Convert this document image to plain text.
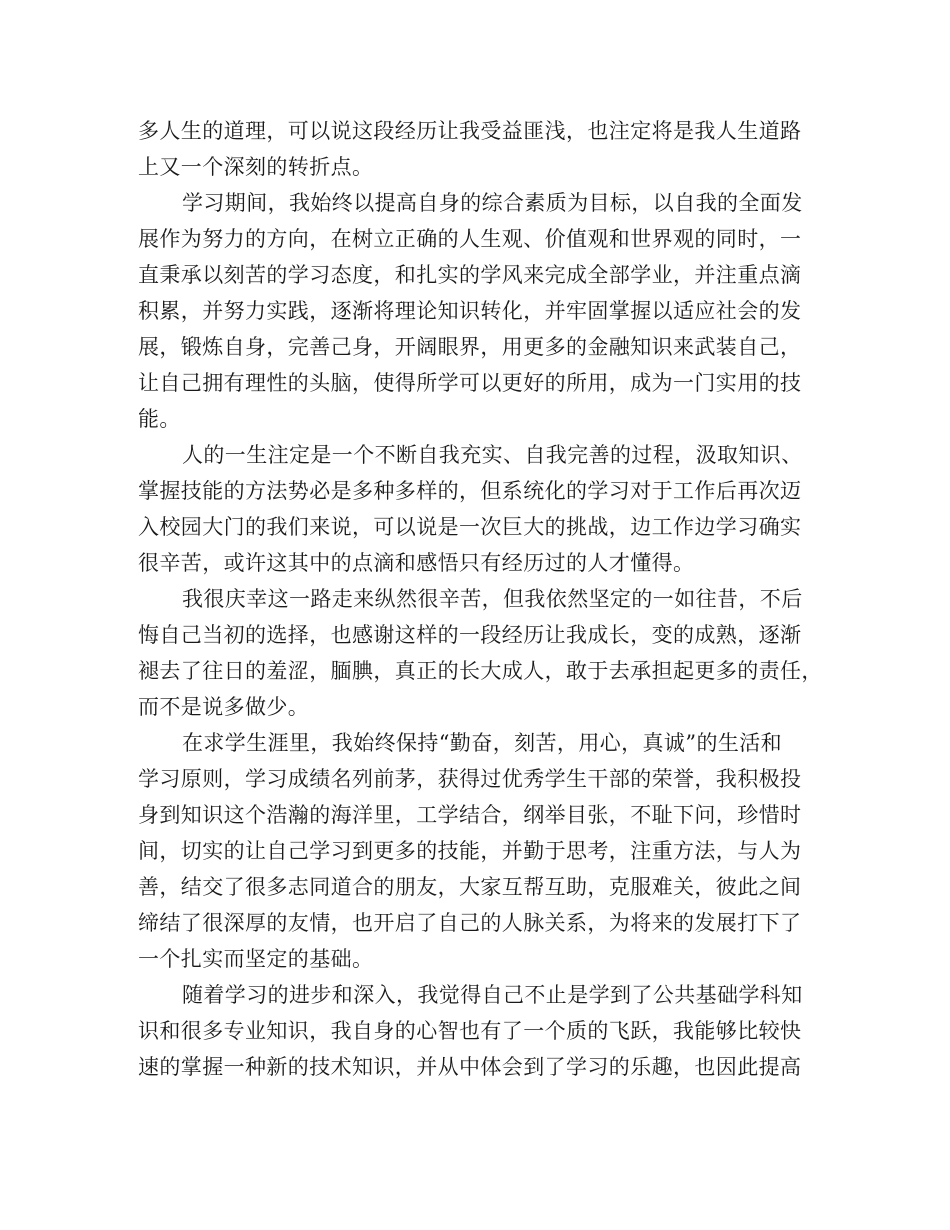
多人生的道理，可以说这段经历让我受益匪浅，也注定将是我人生道路
上又一个深刻的转折点。
学习期间，我始终以提高自身的综合素质为目标，以自我的全面发
展作为努力的方向，在树立正确的人生观、价值观和世界观的同时，一
直秉承以刻苦的学习态度，和扎实的学风来完成全部学业，并注重点滴
积累，并努力实践，逐渐将理论知识转化，并牢固掌握以适应社会的发
展，锻炼自身，完善己身，开阔眼界，用更多的金融知识来武装自己，
让自己拥有理性的头脑，使得所学可以更好的所用，成为一门实用的技
能。
人的一生注定是一个不断自我充实、自我完善的过程，汲取知识、
掌握技能的方法势必是多种多样的，但系统化的学习对于工作后再次迈
入校园大门的我们来说，可以说是一次巨大的挑战，边工作边学习确实
很辛苦，或许这其中的点滴和感悟只有经历过的人才懂得。
我很庆幸这一路走来纵然很辛苦，但我依然坚定的一如往昔，不后
悔自己当初的选择，也感谢这样的一段经历让我成长，变的成熟，逐渐
褪去了往日的羞涩，腼腆，真正的长大成人，敢于去承担起更多的责任，
而不是说多做少。
在求学生涯里，我始终保持“勤奋，刻苦，用心，真诚”的生活和
学习原则，学习成绩名列前茅，获得过优秀学生干部的荣誉，我积极投
身到知识这个浩瀚的海洋里，工学结合，纲举目张，不耻下问，珍惜时
间，切实的让自己学习到更多的技能，并勤于思考，注重方法，与人为
善，结交了很多志同道合的朋友，大家互帮互助，克服难关，彼此之间
缔结了很深厚的友情，也开启了自己的人脉关系，为将来的发展打下了
一个扎实而坚定的基础。
随着学习的进步和深入，我觉得自己不止是学到了公共基础学科知
识和很多专业知识，我自身的心智也有了一个质的飞跃，我能够比较快
速的掌握一种新的技术知识，并从中体会到了学习的乐趣，也因此提高
